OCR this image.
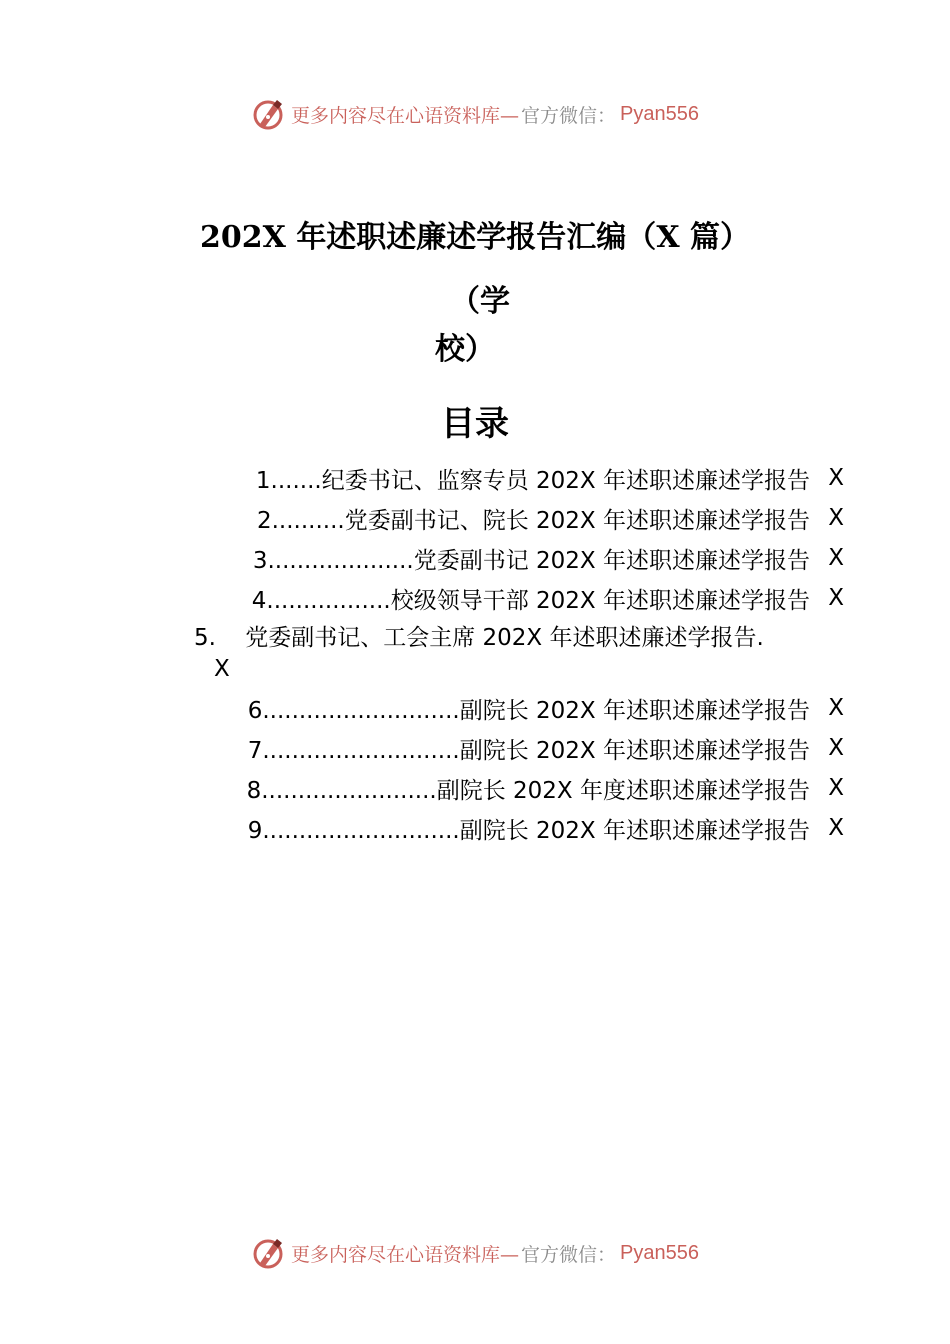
更多内容尽在心语资料库— 官方微信： Pyan556
202X 年述职述廉述学报告汇编（X 篇）
（学
校）
目录
1.......纪委书记、监察专员 202X 年述职述廉述学报告 X
2..........党委副书记、院长 202X 年述职述廉述学报告 X
3....................党委副书记 202X 年述职述廉述学报告 X
4.................校级领导干部 202X 年述职述廉述学报告 X
5.    党委副书记、工会主席 202X 年述职述廉述学报告.
X
6...........................副院长 202X 年述职述廉述学报告 X
7...........................副院长 202X 年述职述廉述学报告 X
8........................副院长 202X 年度述职述廉述学报告 X
9...........................副院长 202X 年述职述廉述学报告 X
更多内容尽在心语资料库— 官方微信： Pyan556
